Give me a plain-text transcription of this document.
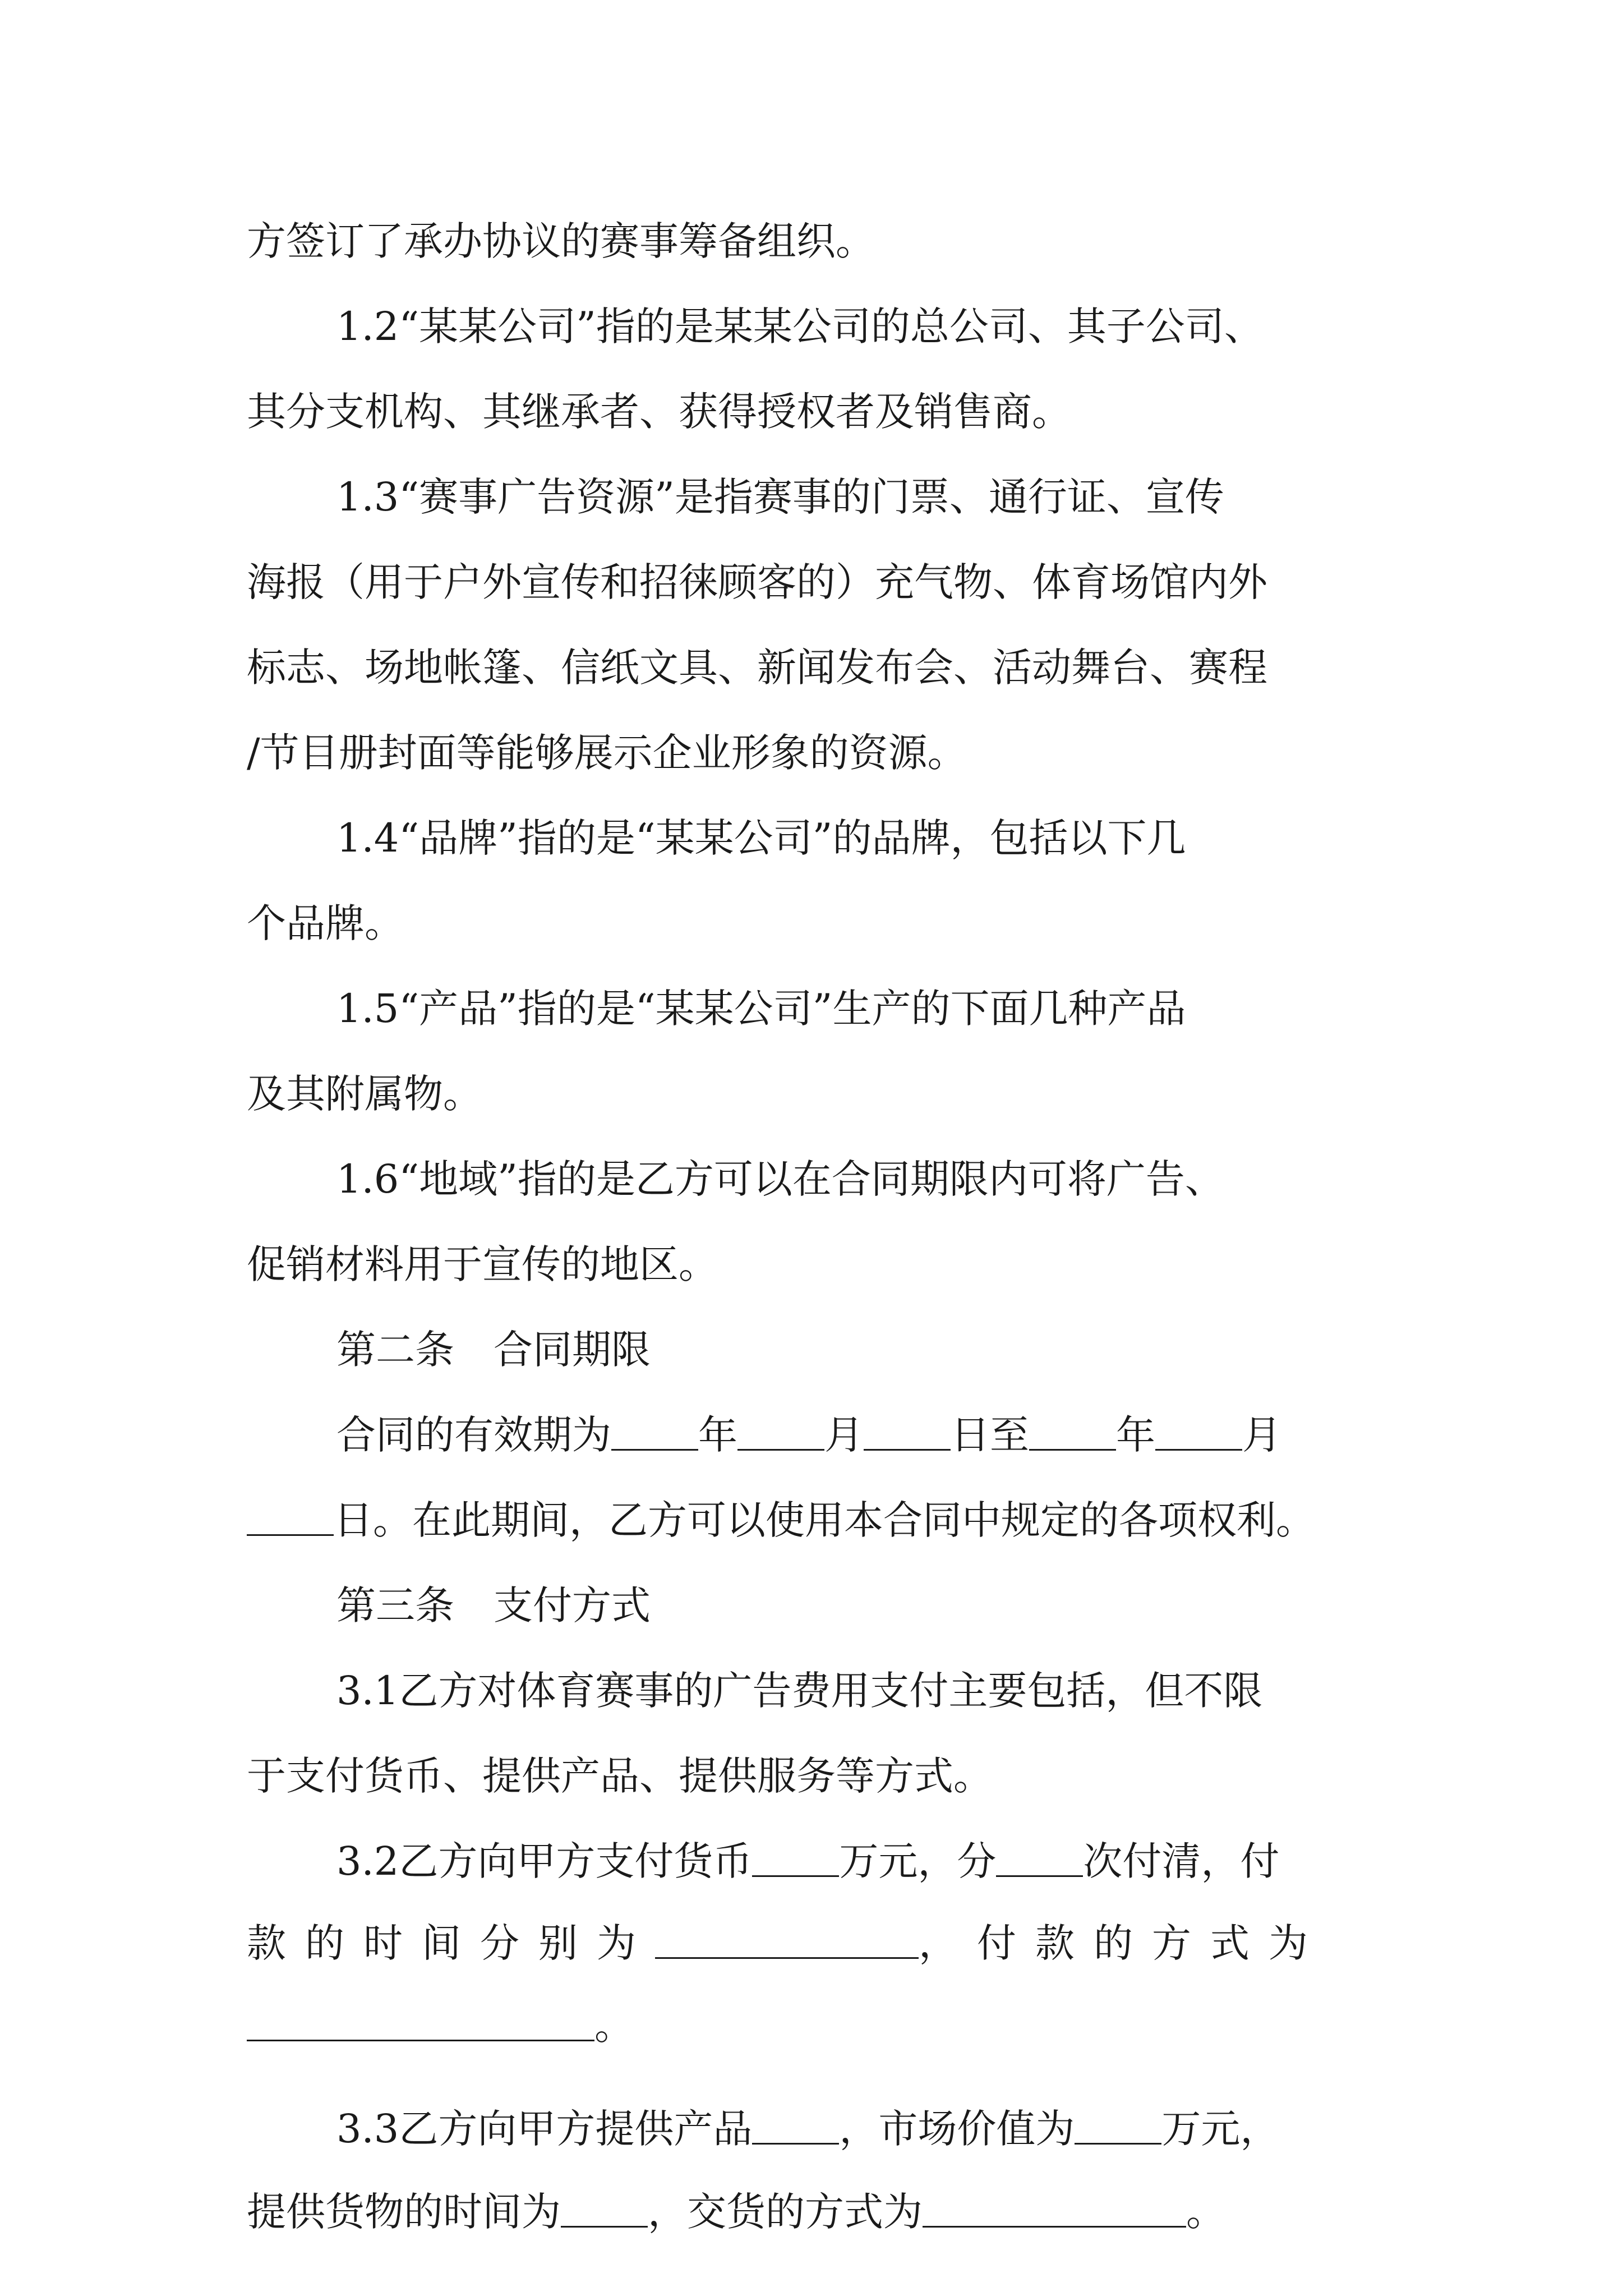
方签订了承办协议的赛事筹备组织。
1.2“某某公司”指的是某某公司的总公司、其子公司、
其分支机构、其继承者、获得授权者及销售商。
1.3“赛事广告资源”是指赛事的门票、通行证、宣传
海报（用于户外宣传和招徕顾客的）充气物、体育场馆内外
标志、场地帐篷、信纸文具、新闻发布会、活动舞台、赛程
/节目册封面等能够展示企业形象的资源。
1.4“品牌”指的是“某某公司”的品牌，包括以下几
个品牌。
1.5“产品”指的是“某某公司”生产的下面几种产品
及其附属物。
1.6“地域”指的是乙方可以在合同期限内可将广告、
促销材料用于宣传的地区。
第二条　合同期限
合同的有效期为 年 月 日至 年 月
日。在此期间，乙方可以使用本合同中规定的各项权利。
第三条　支付方式
3.1乙方对体育赛事的广告费用支付主要包括，但不限
于支付货币、提供产品、提供服务等方式。
3.2乙方向甲方支付货币 万元，分 次付清，付
款的时间分别为	，付款的方式为
。
3.3乙方向甲方提供产品 ，市场价值为 万元，
提供货物的时间为 ，交货的方式为	。
